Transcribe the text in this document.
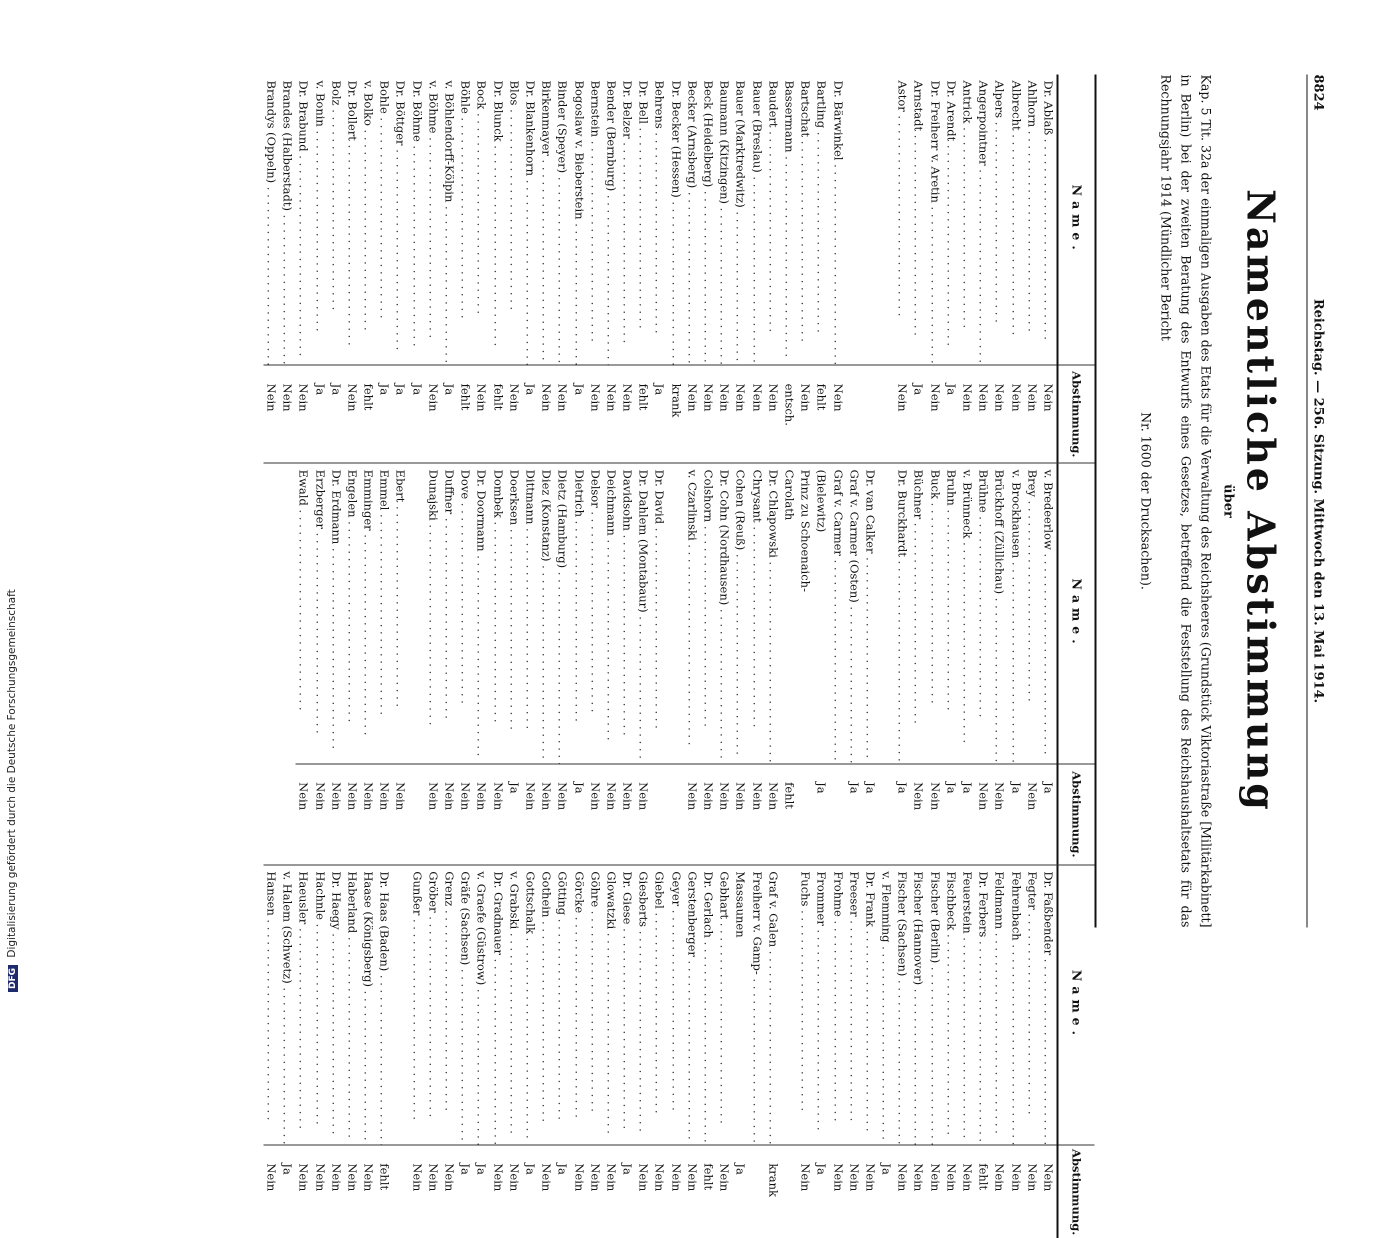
DFG Digitalisierung gefördert durch die Deutsche Forschungsgemeinschaft
8824
Reichstag. — 256. Sitzung. Mittwoch den 13. Mai 1914.
Namentliche Abstimmung
über
Kap. 5 Tit. 32a der einmaligen Ausgaben des Etats für die Verwaltung des Reichsheeres (Grundstück Viktoriastraße [Militärkabinett] in Berlin) bei der zweiten Beratung des Entwurfs eines Gesetzes, betreffend die Feststellung des Reichshaushaltsetats für das Rechnungsjahr 1914 (Mündlicher Bericht
Nr. 1600 der Drucksachen).
Name.
Abstimmung.
Dr. Ablaß . . .
Nein
Ahlhorn . . .
Nein
Albrecht . . .
Nein
Alpers . . .
Nein
Angerpointner . . .
Nein
Antrick . . .
Nein
Dr. Arendt . . .
Ja
Dr. Freiherr v. Aretin . . .
Nein
Arnstadt . . .
Ja
Astor . . .
Nein
Dr. Bärwinkel . . .
Nein
Bartling . . .
fehlt
Bartschat . . .
Nein
Bassermann . . .
entsch.
Baudert . . .
Nein
Bauer (Breslau) . . .
Nein
Bauer (Marktredwitz) . . .
Nein
Baumann (Kitzingen) . . .
Nein
Beck (Heidelberg) . . .
Nein
Becker (Arnsberg) . . .
Nein
Dr. Becker (Hessen) . . .
krank
Behrens . . .
Ja
Dr. Bell . . .
fehlt
Dr. Belzer . . .
Nein
Bender (Bernburg) . . .
Nein
Bernstein . . .
Nein
Bogoslaw v. Bieberstein . . .
Ja
Binder (Speyer) . . .
Nein
Birkenmayer . . .
Nein
Dr. Blankenhorn . . .
Ja
Blos . . .
Nein
Dr. Blunck . . .
fehlt
Bock . . .
Nein
Böhle . . .
fehlt
v. Böhlendorff-Kölpin . . .
Ja
v. Böhme . . .
Nein
Dr. Böhme . . .
Ja
Dr. Böttger . . .
Ja
Bohle . . .
Ja
v. Bolko . . .
fehlt
Dr. Bollert . . .
Nein
Bolz . . .
Ja
v. Bonin . . .
Ja
Dr. Brabund . . .
Nein
Brandes (Halberstadt) . . .
Nein
Brandys (Oppeln) . . .
Nein
Name.
Abstimmung.
v. Bredeerlow . . .
Ja
Brey . . .
Nein
v. Brockhausen . . .
Ja
Brückhoff (Züllichau) . . .
Nein
Brühne . . .
Nein
v. Brünneck . . .
Ja
Bruhn . . .
Ja
Buck . . .
Nein
Büchner . . .
Nein
Dr. Burckhardt . . .
Ja
Dr. van Calker . . .
Ja
Graf v. Carmer (Osten) . . .
Ja
Graf v. Carmer . . .
(Bielewitz)
Ja
Prinz zu Schoenaich-
Carolath
fehlt
Dr. Chlapowski . . .
Nein
Chrysant . . .
Nein
Cohen (Reuß) . . .
Nein
Dr. Cohn (Nordhausen) . . .
Nein
Colshorn . . .
Nein
v. Czarlinski . . .
Nein
Dr. David . . .
Dr. Dahlem (Montabaur) . . .
Nein
Davidsohn . . .
Nein
Deichmann . . .
Nein
Delsor . . .
Nein
Dietrich . . .
Ja
Dietz (Hamburg) . . .
Nein
Diez (Konstanz) . . .
Nein
Dittmann . . .
Nein
Doerksen . . .
Ja
Dombek . . .
Nein
Dr. Doormann . . .
Nein
Dove . . .
Nein
Duffner . . .
Nein
Dunajski . . .
Nein
Ebert . . .
Nein
Emmel . . .
Nein
Emminger . . .
Nein
Engelen . . .
Nein
Dr. Erdmann . . .
Nein
Erzberger . . .
Nein
Ewald . . .
Nein
Name.
Abstimmung.
Dr. Faßbender . . .
Nein
Fegter . . .
Nein
Fehrenbach . . .
Nein
Feldmann . . .
Nein
Dr. Ferbers . . .
fehlt
Feuerstein . . .
Nein
Fischbeck . . .
Nein
Fischer (Berlin) . . .
Nein
Fischer (Hannover) . . .
Nein
Fischer (Sachsen) . . .
Nein
v. Flemming . . .
Ja
Dr. Frank . . .
Nein
Freeser . . .
Nein
Frohme . . .
Nein
Frommer . . .
Ja
Fuchs . . .
Nein
Graf v. Galen . . .
krank
Freiherr v. Gamp- . . .
Massaunen
Ja
Gebhart . . .
Nein
Dr. Gerlach . . .
fehlt
Gerstenberger . . .
Nein
Geyer . . .
Nein
Giebel . . .
Nein
Giesberts . . .
Nein
Dr. Giese . . .
Ja
Glowatzki . . .
Nein
Göhre . . .
Nein
Görcke . . .
Nein
Götting . . .
Ja
Gothein . . .
Nein
Gottschalk . . .
Ja
v. Grabski . . .
Nein
Dr. Gradnauer . . .
Nein
v. Graefe (Güstrow) . . .
Ja
Gräfe (Sachsen) . . .
Ja
Grenz . . .
Nein
Gröber . . .
Nein
Gunßer . . .
Nein
Dr. Haas (Baden) . . .
fehlt
Haase (Königsberg) . . .
Nein
Haberland . . .
Nein
Dr. Haegy . . .
Nein
Hachnle . . .
Nein
Haeusler . . .
Nein
v. Halem (Schwetz) . . .
Ja
Hansen . . .
Nein
